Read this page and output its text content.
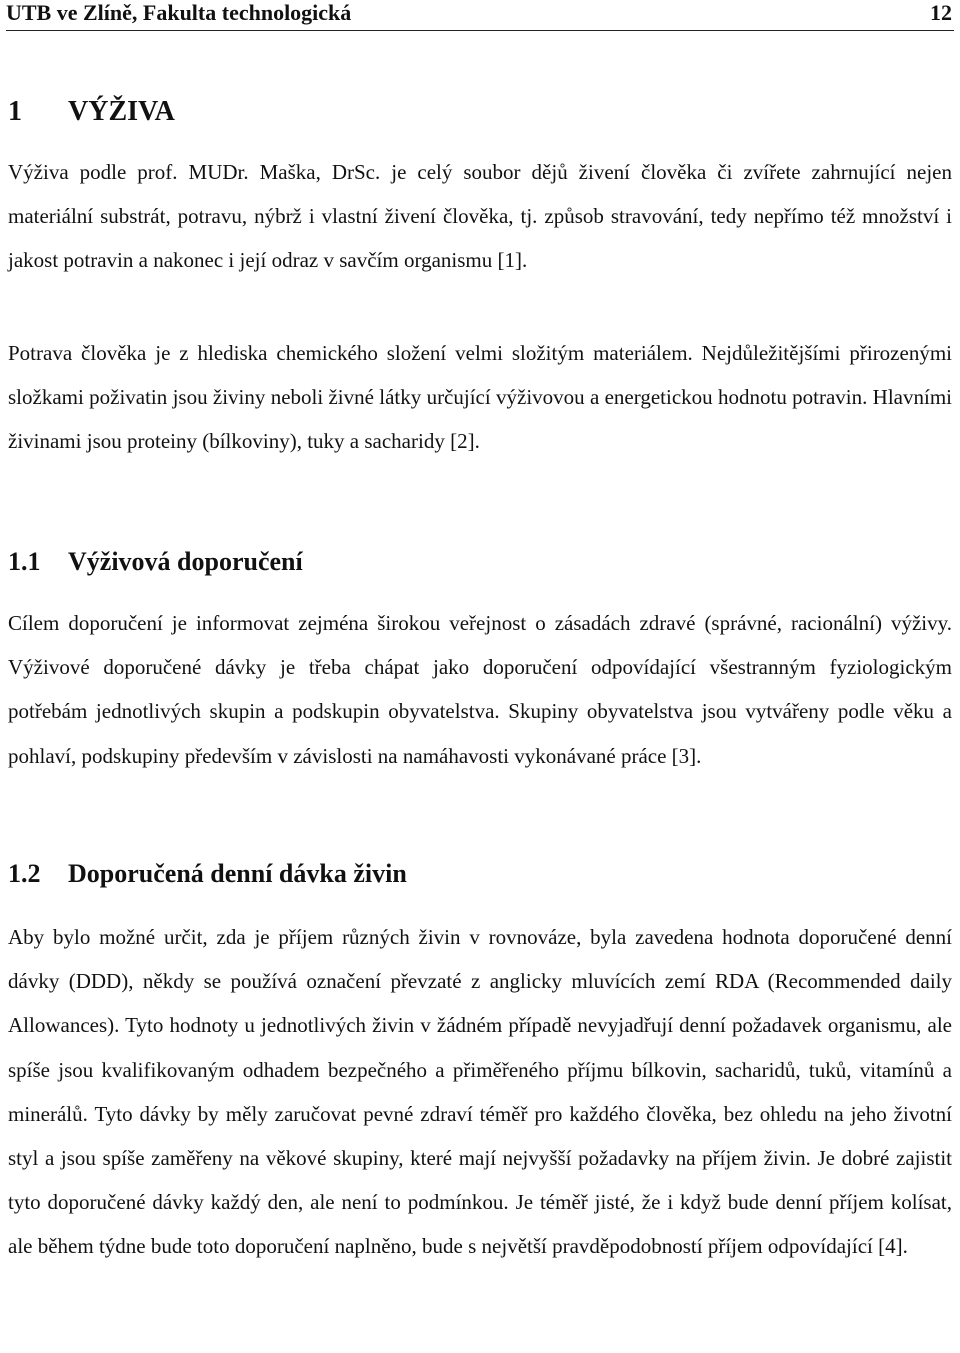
UTB ve Zlíně, Fakulta technologická	12
1 VÝŽIVA

Výživa podle prof. MUDr. Maška, DrSc. je celý soubor dějů živení člověka či zvířete zahrnující nejen materiální substrát, potravu, nýbrž i vlastní živení člověka, tj. způsob stravování, tedy nepřímo též množství i jakost potravin a nakonec i její odraz v savčím organismu [1].

Potrava člověka je z hlediska chemického složení velmi složitým materiálem. Nejdůležitějšími přirozenými složkami poživatin jsou živiny neboli živné látky určující výživovou a energetickou hodnotu potravin. Hlavními živinami jsou proteiny (bílkoviny), tuky a sacharidy [2].

1.1 Výživová doporučení

Cílem doporučení je informovat zejména širokou veřejnost o zásadách zdravé (správné, racionální) výživy. Výživové doporučené dávky je třeba chápat jako doporučení odpovídající všestranným fyziologickým potřebám jednotlivých skupin a podskupin obyvatelstva. Skupiny obyvatelstva jsou vytvářeny podle věku a pohlaví, podskupiny především v závislosti na namáhavosti vykonávané práce [3].

1.2 Doporučená denní dávka živin

Aby bylo možné určit, zda je příjem různých živin v rovnováze, byla zavedena hodnota doporučené denní dávky (DDD), někdy se používá označení převzaté z anglicky mluvících zemí RDA (Recommended daily Allowances). Tyto hodnoty u jednotlivých živin v žádném případě nevyjadřují denní požadavek organismu, ale spíše jsou kvalifikovaným odhadem bezpečného a přiměřeného příjmu bílkovin, sacharidů, tuků, vitamínů a minerálů. Tyto dávky by měly zaručovat pevné zdraví téměř pro každého člověka, bez ohledu na jeho životní styl a jsou spíše zaměřeny na věkové skupiny, které mají nejvyšší požadavky na příjem živin. Je dobré zajistit tyto doporučené dávky každý den, ale není to podmínkou. Je téměř jisté, že i když bude denní příjem kolísat, ale během týdne bude toto doporučení naplněno, bude s největší pravděpodobností příjem odpovídající [4].
